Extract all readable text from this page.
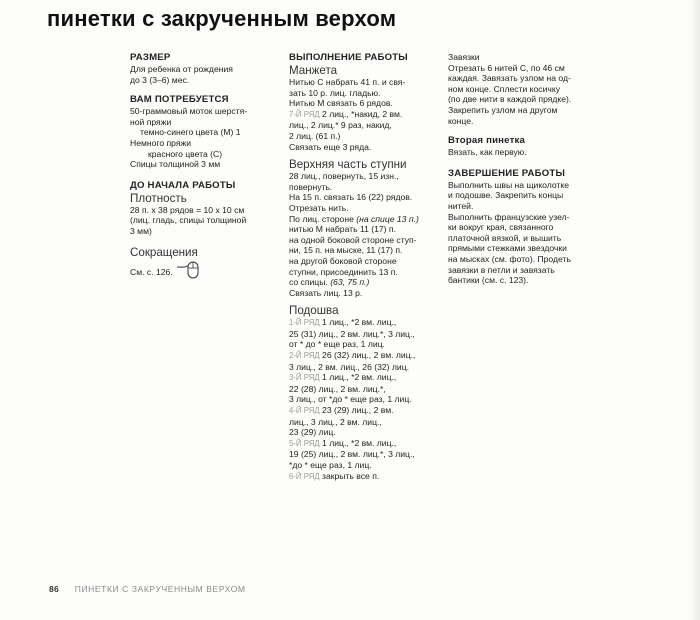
пинетки с закрученным верхом

РАЗМЕР

Для ребенка от рождения

до 3 (3–6) мес.

ВАМ ПОТРЕБУЕТСЯ

50-граммовый моток шерстя-

ной пряжи

темно-синего цвета (М) 1

Немного пряжи

красного цвета (С)

Спицы толщиной 3 мм

ДО НАЧАЛА РАБОТЫ

Плотность

28 п. х 38 рядов = 10 х 10 см

(лиц. гладь, спицы толщиной

3 мм)

Сокращения

См. с. 126.

ВЫПОЛНЕНИЕ РАБОТЫ

Манжета

Нитью С набрать 41 п. и свя-

зать 10 р. лиц. гладью.

Нитью М связать 6 рядов.

7-Й РЯД 2 лиц., *накид, 2 вм.

лиц., 2 лиц.* 9 раз, накид,

2 лиц. (61 п.)

Связать еще 3 ряда.

Верхняя часть ступни

28 лиц., повернуть, 15 изн.,

повернуть.

На 15 п. связать 16 (22) рядов.

Отрезать нить.

По лиц. стороне (на спице 13 п.)

нитью М набрать 11 (17) п.

на одной боковой стороне ступ-

ни, 15 п. на мыске, 11 (17) п.

на другой боковой стороне

ступни, присоединить 13 п.

со спицы. (63, 75 п.)

Связать лиц. 13 р.

Подошва

1-Й РЯД 1 лиц., *2 вм. лиц.,

25 (31) лиц., 2 вм. лиц.*, 3 лиц.,

от * до * еще раз, 1 лиц.

2-Й РЯД 26 (32) лиц., 2 вм. лиц.,

3 лиц., 2 вм. лиц., 26 (32) лиц.

3-Й РЯД 1 лиц., *2 вм. лиц.,

22 (28) лиц., 2 вм. лиц.*,

3 лиц., от *до * еще раз, 1 лиц.

4-Й РЯД 23 (29) лиц., 2 вм.

лиц., 3 лиц., 2 вм. лиц.,

23 (29) лиц.

5-Й РЯД 1 лиц., *2 вм. лиц.,

19 (25) лиц., 2 вм. лиц.*, 3 лиц.,

*до * еще раз, 1 лиц.

6-Й РЯД закрыть все п.

Завязки

Отрезать 6 нитей С, по 46 см

каждая. Завязать узлом на од-

ном конце. Сплести косичку

(по две нити в каждой прядке).

Закрепить узлом на другом

конце.

Вторая пинетка

Вязать, как первую.

ЗАВЕРШЕНИЕ РАБОТЫ

Выполнить швы на щиколотке

и подошве. Закрепить концы

нитей.

Выполнить французские узел-

ки вокруг края, связанного

платочной вязкой, и вышить

прямыми стежками звездочки

на мысках (см. фото). Продеть

завязки в петли и завязать

бантики (см. с. 123).

86 ПИНЕТКИ С ЗАКРУЧЕННЫМ ВЕРХОМ
